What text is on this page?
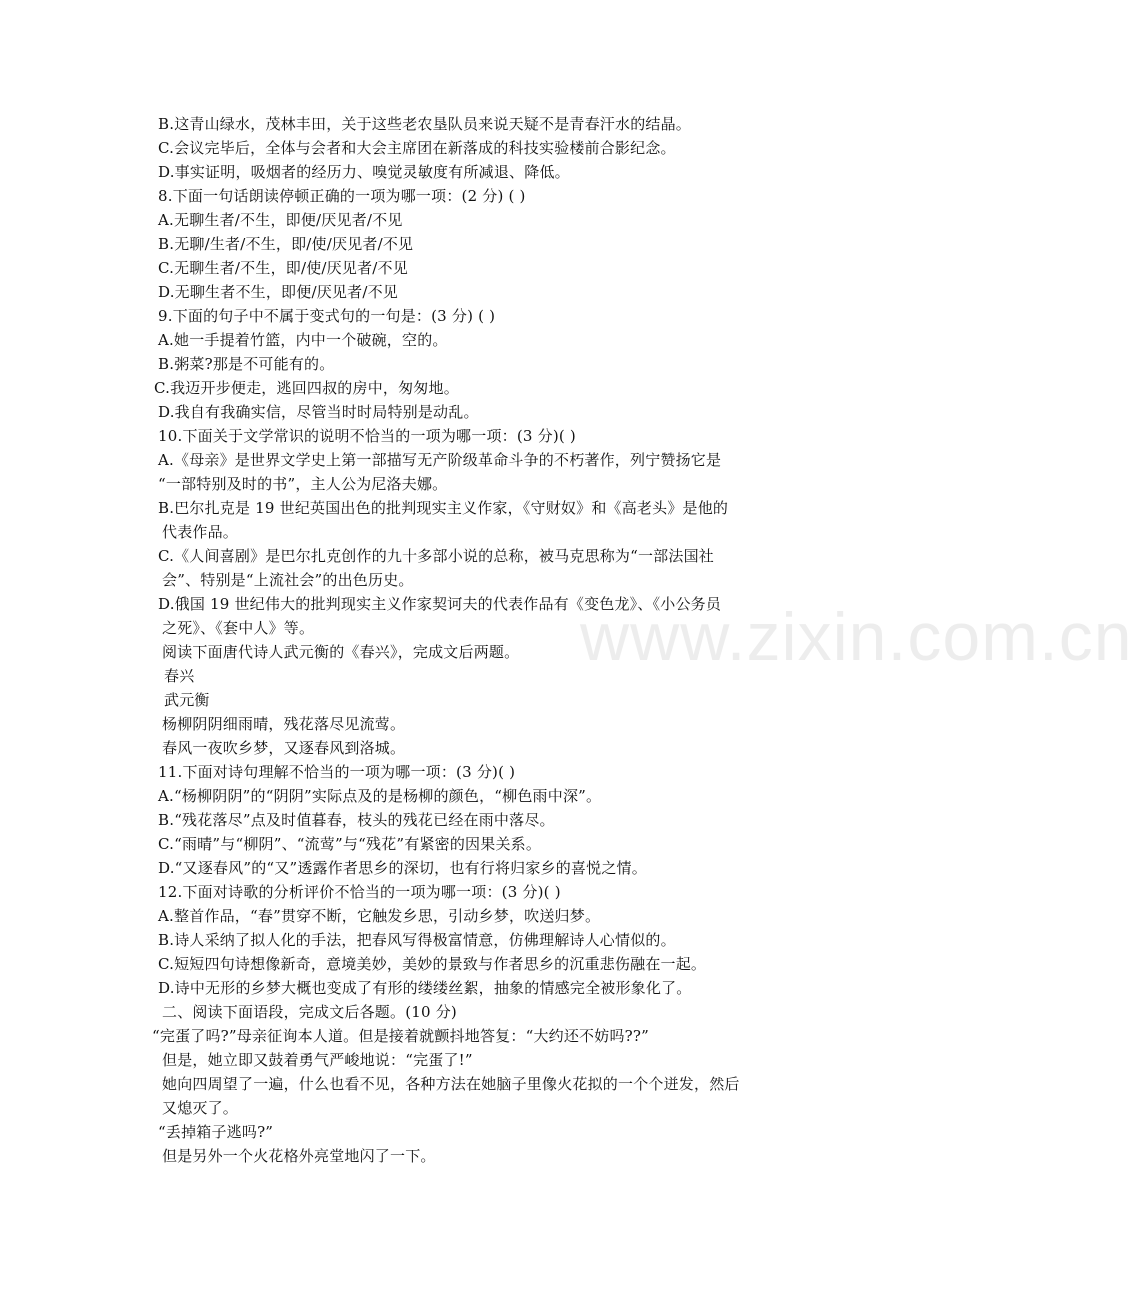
www.zixin.com.cn
B.这青山绿水，茂林丰田，关于这些老农垦队员来说天疑不是青春汗水的结晶。
C.会议完毕后，全体与会者和大会主席团在新落成的科技实验楼前合影纪念。
D.事实证明，吸烟者的经历力、嗅觉灵敏度有所减退、降低。
8.下面一句话朗读停顿正确的一项为哪一项：(2 分) ( )
A.无聊生者/不生，即便/厌见者/不见
B.无聊/生者/不生，即/使/厌见者/不见
C.无聊生者/不生，即/使/厌见者/不见
D.无聊生者不生，即便/厌见者/不见
9.下面的句子中不属于变式句的一句是：(3 分) ( )
A.她一手提着竹篮，内中一个破碗，空的。
B.粥菜?那是不可能有的。
C.我迈开步便走，逃回四叔的房中，匆匆地。
D.我自有我确实信，尽管当时时局特别是动乱。
10.下面关于文学常识的说明不恰当的一项为哪一项：(3 分)( )
A.《母亲》是世界文学史上第一部描写无产阶级革命斗争的不朽著作，列宁赞扬它是
“一部特别及时的书”，主人公为尼洛夫娜。
B.巴尔扎克是 19 世纪英国出色的批判现实主义作家，《守财奴》和《高老头》是他的
代表作品。
C.《人间喜剧》是巴尔扎克创作的九十多部小说的总称，被马克思称为“一部法国社
会”、特别是“上流社会”的出色历史。
D.俄国 19 世纪伟大的批判现实主义作家契诃夫的代表作品有《变色龙》、《小公务员
之死》、《套中人》等。
阅读下面唐代诗人武元衡的《春兴》，完成文后两题。
春兴
武元衡
杨柳阴阴细雨晴，残花落尽见流莺。
春风一夜吹乡梦，又逐春风到洛城。
11.下面对诗句理解不恰当的一项为哪一项：(3 分)( )
A.“杨柳阴阴”的“阴阴”实际点及的是杨柳的颜色，“柳色雨中深”。
B.“残花落尽”点及时值暮春，枝头的残花已经在雨中落尽。
C.“雨晴”与“柳阴”、“流莺”与“残花”有紧密的因果关系。
D.“又逐春风”的“又”透露作者思乡的深切，也有行将归家乡的喜悦之情。
12.下面对诗歌的分析评价不恰当的一项为哪一项：(3 分)( )
A.整首作品，“春”贯穿不断，它触发乡思，引动乡梦，吹送归梦。
B.诗人采纳了拟人化的手法，把春风写得极富情意，仿佛理解诗人心情似的。
C.短短四句诗想像新奇，意境美妙，美妙的景致与作者思乡的沉重悲伤融在一起。
D.诗中无形的乡梦大概也变成了有形的缕缕丝絮，抽象的情感完全被形象化了。
二、阅读下面语段，完成文后各题。(10 分)
“完蛋了吗?”母亲征询本人道。但是接着就颤抖地答复：“大约还不妨吗??”
但是，她立即又鼓着勇气严峻地说：“完蛋了!”
她向四周望了一遍，什么也看不见，各种方法在她脑子里像火花拟的一个个迸发，然后
又熄灭了。
“丢掉箱子逃吗?”
但是另外一个火花格外亮堂地闪了一下。
